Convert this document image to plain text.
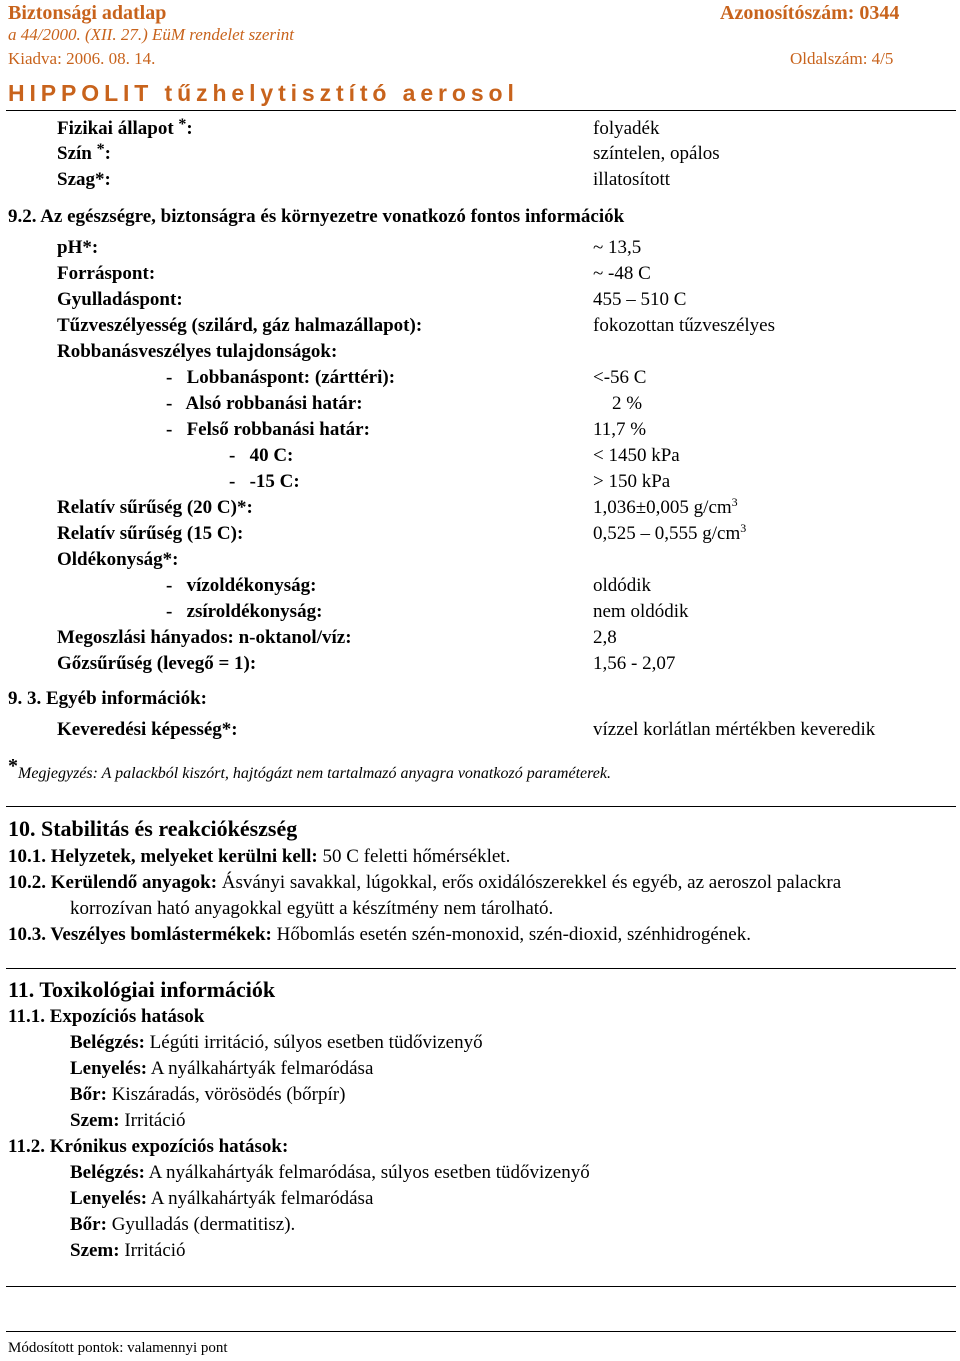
Biztonsági adatlap	Azonosítószám: 0344
a 44/2000. (XII. 27.) EüM rendelet szerint
Kiadva: 2006. 08. 14.	Oldalszám: 4/5
HIPPOLIT tűzhelytisztító aerosol
Fizikai állapot *:	folyadék
Szín *:	színtelen, opálos
Szag*:	illatosított
9.2. Az egészségre, biztonságra és környezetre vonatkozó fontos információk
pH*:	~ 13,5
Forráspont:	~ -48 C
Gyulladáspont:	455 – 510 C
Tűzveszélyesség (szilárd, gáz halmazállapot):	fokozottan tűzveszélyes
Robbanásveszélyes tulajdonságok:
-   Lobbanáspont: (zárttéri):	<-56 C
-   Alsó robbanási határ:	2 %
-   Felső robbanási határ:	11,7 %
-   40 C:	< 1450 kPa
-   -15 C:	> 150 kPa
Relatív sűrűség (20 C)*:	1,036±0,005 $g/cm^3$
Relatív sűrűség (15 C):	0,525 – 0,555 $g/cm^3$
Oldékonyság*:
-   vízoldékonyság:	oldódik
-   zsíroldékonyság:	nem oldódik
Megoszlási hányados: n-oktanol/víz:	2,8
Gőzsűrűség (levegő = 1):	1,56 - 2,07
9. 3. Egyéb információk:
Keveredési képesség*:	vízzel korlátlan mértékben keveredik
*Megjegyzés: A palackból kiszórt, hajtógázt nem tartalmazó anyagra vonatkozó paraméterek.
10. Stabilitás és reakciókészség
10.1. Helyzetek, melyeket kerülni kell: 50 C feletti hőmérséklet.
10.2. Kerülendő anyagok: Ásványi savakkal, lúgokkal, erős oxidálószerekkel és egyéb, az aeroszol palackra
korrozívan ható anyagokkal együtt a készítmény nem tárolható.
10.3. Veszélyes bomlástermékek: Hőbomlás esetén szén-monoxid, szén-dioxid, szénhidrogének.
11. Toxikológiai információk
11.1. Expozíciós hatások
Belégzés: Légúti irritáció, súlyos esetben tüdővizenyő
Lenyelés: A nyálkahártyák felmaródása
Bőr: Kiszáradás, vörösödés (bőrpír)
Szem: Irritáció
11.2. Krónikus expozíciós hatások:
Belégzés: A nyálkahártyák felmaródása, súlyos esetben tüdővizenyő
Lenyelés: A nyálkahártyák felmaródása
Bőr: Gyulladás (dermatitisz).
Szem: Irritáció
Módosított pontok: valamennyi pont
